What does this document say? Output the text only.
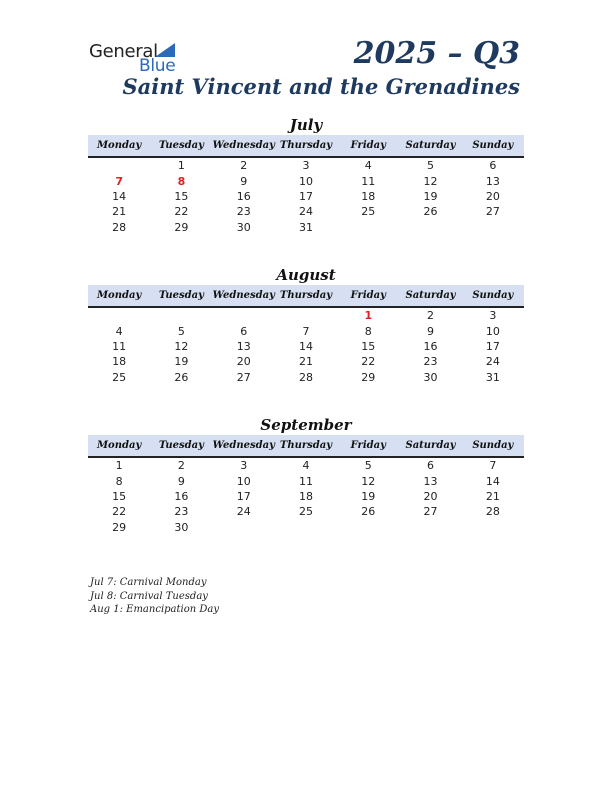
General
Blue	2025 – Q3
Saint Vincent and the Grenadines
July
Monday	Tuesday	Wednesday	Thursday	Friday	Saturday	Sunday
	1	2	3	4	5	6
7	8	9	10	11	12	13
14	15	16	17	18	19	20
21	22	23	24	25	26	27
28	29	30	31			
August
Monday	Tuesday	Wednesday	Thursday	Friday	Saturday	Sunday
				1	2	3
4	5	6	7	8	9	10
11	12	13	14	15	16	17
18	19	20	21	22	23	24
25	26	27	28	29	30	31
September
Monday	Tuesday	Wednesday	Thursday	Friday	Saturday	Sunday
1	2	3	4	5	6	7
8	9	10	11	12	13	14
15	16	17	18	19	20	21
22	23	24	25	26	27	28
29	30					
Jul 7: Carnival Monday
Jul 8: Carnival Tuesday
Aug 1: Emancipation Day
